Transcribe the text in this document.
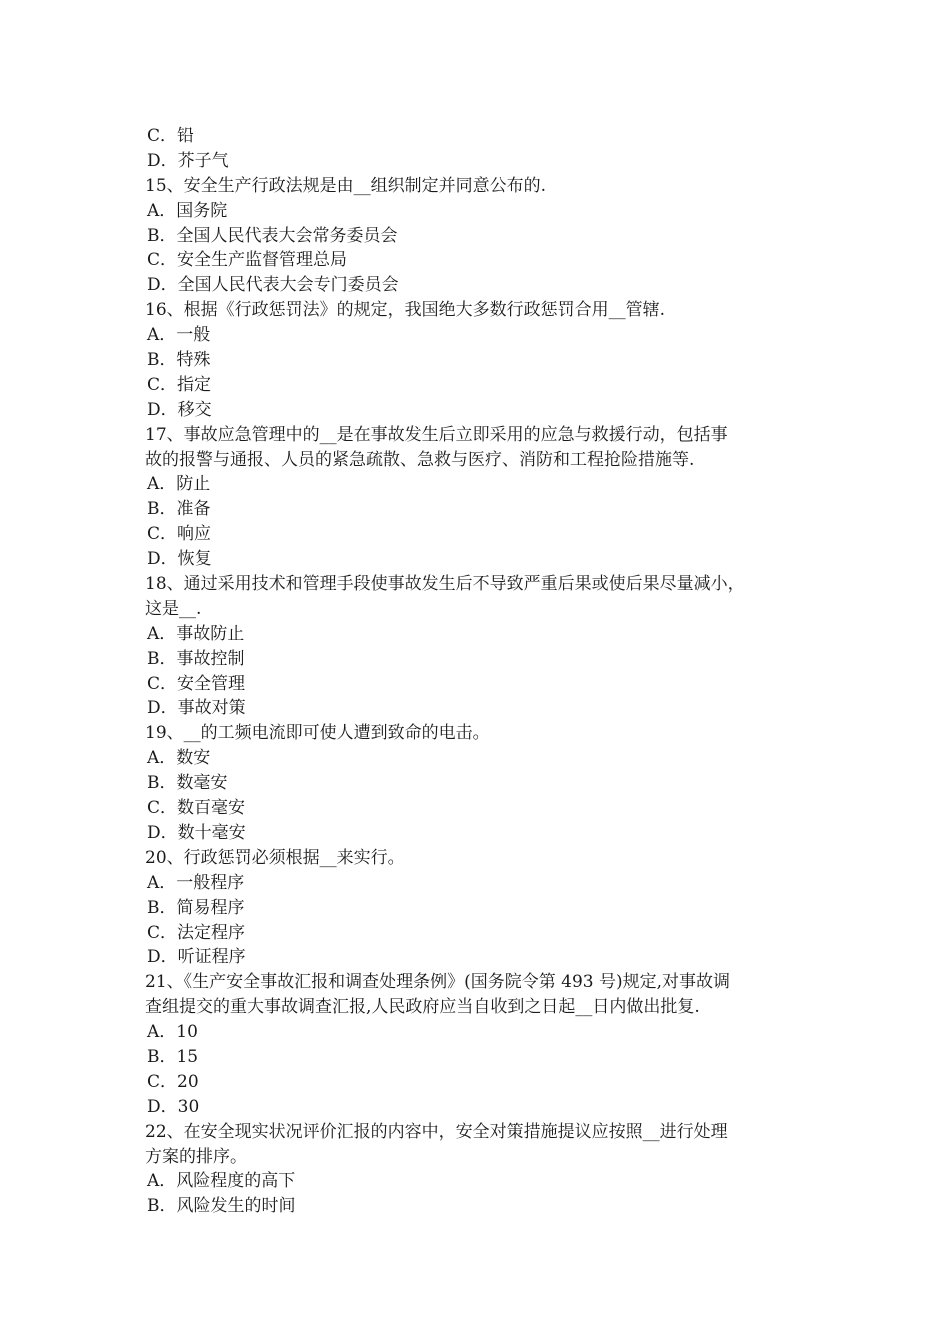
C．铅
D．芥子气
15、安全生产行政法规是由__组织制定并同意公布的.
A．国务院
B．全国人民代表大会常务委员会
C．安全生产监督管理总局
D．全国人民代表大会专门委员会
16、根据《行政惩罚法》的规定，我国绝大多数行政惩罚合用__管辖.
A．一般
B．特殊
C．指定
D．移交
17、事故应急管理中的__是在事故发生后立即采用的应急与救援行动，包括事
故的报警与通报、人员的紧急疏散、急救与医疗、消防和工程抢险措施等.
A．防止
B．准备
C．响应
D．恢复
18、通过采用技术和管理手段使事故发生后不导致严重后果或使后果尽量减小，
这是__.
A．事故防止
B．事故控制
C．安全管理
D．事故对策
19、__的工频电流即可使人遭到致命的电击。
A．数安
B．数毫安
C．数百毫安
D．数十毫安
20、行政惩罚必须根据__来实行。
A．一般程序
B．简易程序
C．法定程序
D．听证程序
21、《生产安全事故汇报和调查处理条例》(国务院令第 493 号)规定,对事故调
查组提交的重大事故调查汇报,人民政府应当自收到之日起__日内做出批复.
A．10
B．15
C．20
D．30
22、在安全现实状况评价汇报的内容中，安全对策措施提议应按照__进行处理
方案的排序。
A．风险程度的高下
B．风险发生的时间
